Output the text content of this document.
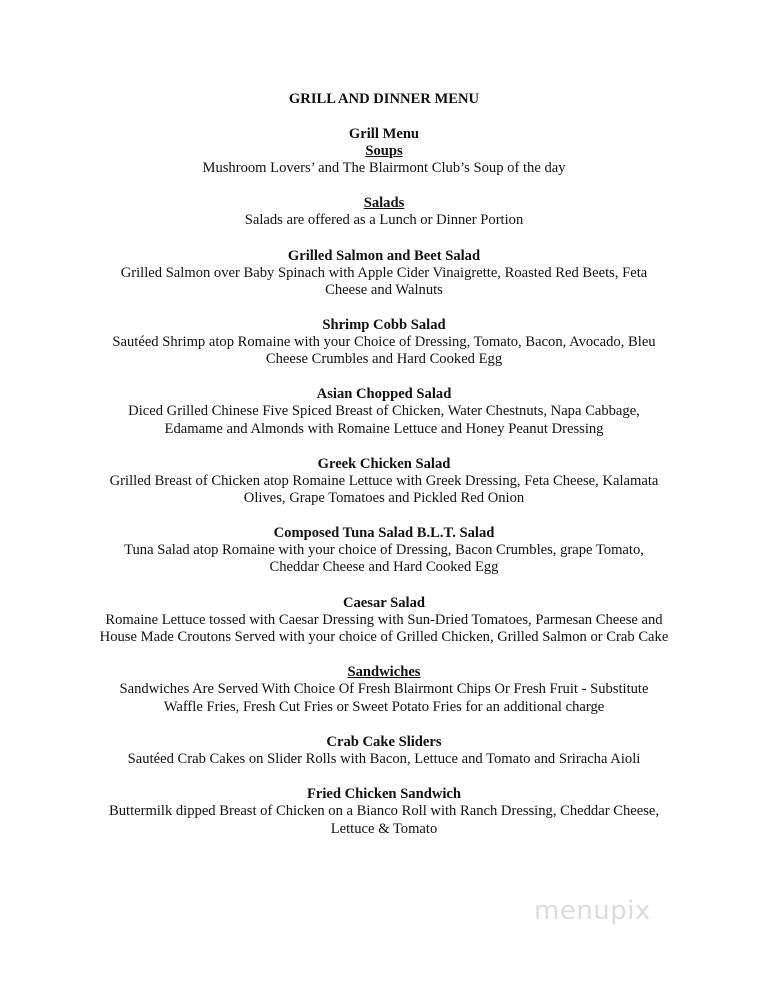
GRILL AND DINNER MENU
Grill Menu
Soups
Mushroom Lovers’ and The Blairmont Club’s Soup of the day
Salads
Salads are offered as a Lunch or Dinner Portion
Grilled Salmon and Beet Salad
Grilled Salmon over Baby Spinach with Apple Cider Vinaigrette, Roasted Red Beets, Feta
Cheese and Walnuts
Shrimp Cobb Salad
Sautéed Shrimp atop Romaine with your Choice of Dressing, Tomato, Bacon, Avocado, Bleu
Cheese Crumbles and Hard Cooked Egg
Asian Chopped Salad
Diced Grilled Chinese Five Spiced Breast of Chicken, Water Chestnuts, Napa Cabbage,
Edamame and Almonds with Romaine Lettuce and Honey Peanut Dressing
Greek Chicken Salad
Grilled Breast of Chicken atop Romaine Lettuce with Greek Dressing, Feta Cheese, Kalamata
Olives, Grape Tomatoes and Pickled Red Onion
Composed Tuna Salad B.L.T. Salad
Tuna Salad atop Romaine with your choice of Dressing, Bacon Crumbles, grape Tomato,
Cheddar Cheese and Hard Cooked Egg
Caesar Salad
Romaine Lettuce tossed with Caesar Dressing with Sun-Dried Tomatoes, Parmesan Cheese and
House Made Croutons Served with your choice of Grilled Chicken, Grilled Salmon or Crab Cake
Sandwiches
Sandwiches Are Served With Choice Of Fresh Blairmont Chips Or Fresh Fruit - Substitute
Waffle Fries, Fresh Cut Fries or Sweet Potato Fries for an additional charge
Crab Cake Sliders
Sautéed Crab Cakes on Slider Rolls with Bacon, Lettuce and Tomato and Sriracha Aioli
Fried Chicken Sandwich
Buttermilk dipped Breast of Chicken on a Bianco Roll with Ranch Dressing, Cheddar Cheese,
Lettuce & Tomato
menupix
